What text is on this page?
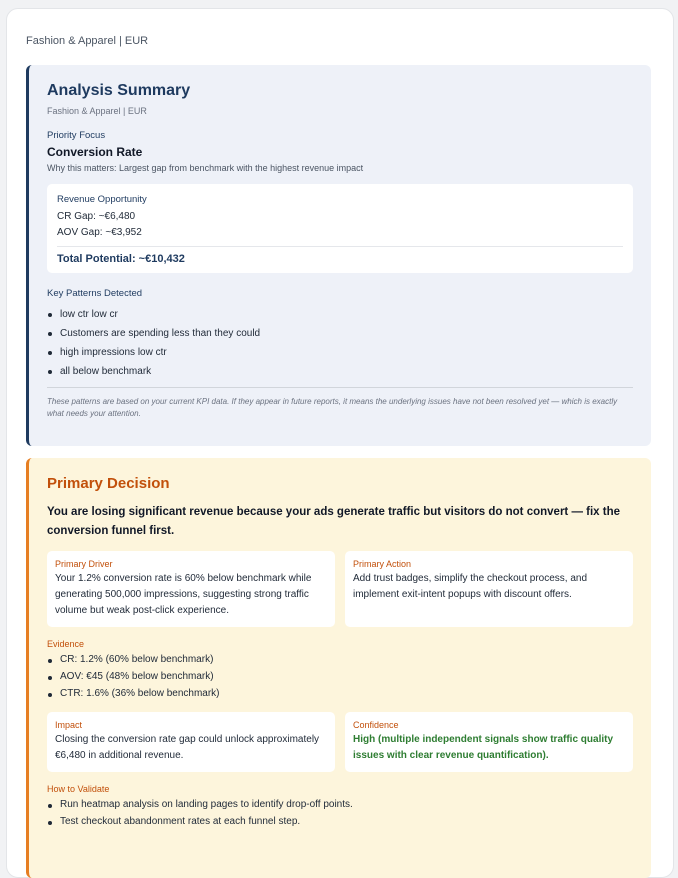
Fashion & Apparel | EUR
Analysis Summary
Fashion & Apparel | EUR
Priority Focus
Conversion Rate
Why this matters: Largest gap from benchmark with the highest revenue impact
Revenue Opportunity
CR Gap: ~€6,480
AOV Gap: ~€3,952
Total Potential: ~€10,432
Key Patterns Detected
low ctr low cr
Customers are spending less than they could
high impressions low ctr
all below benchmark
These patterns are based on your current KPI data. If they appear in future reports, it means the underlying issues have not been resolved yet — which is exactly what needs your attention.
Primary Decision
You are losing significant revenue because your ads generate traffic but visitors do not convert — fix the conversion funnel first.
Primary Driver
Your 1.2% conversion rate is 60% below benchmark while generating 500,000 impressions, suggesting strong traffic volume but weak post-click experience.
Primary Action
Add trust badges, simplify the checkout process, and implement exit-intent popups with discount offers.
Evidence
CR: 1.2% (60% below benchmark)
AOV: €45 (48% below benchmark)
CTR: 1.6% (36% below benchmark)
Impact
Closing the conversion rate gap could unlock approximately €6,480 in additional revenue.
Confidence
High (multiple independent signals show traffic quality issues with clear revenue quantification).
How to Validate
Run heatmap analysis on landing pages to identify drop-off points.
Test checkout abandonment rates at each funnel step.
